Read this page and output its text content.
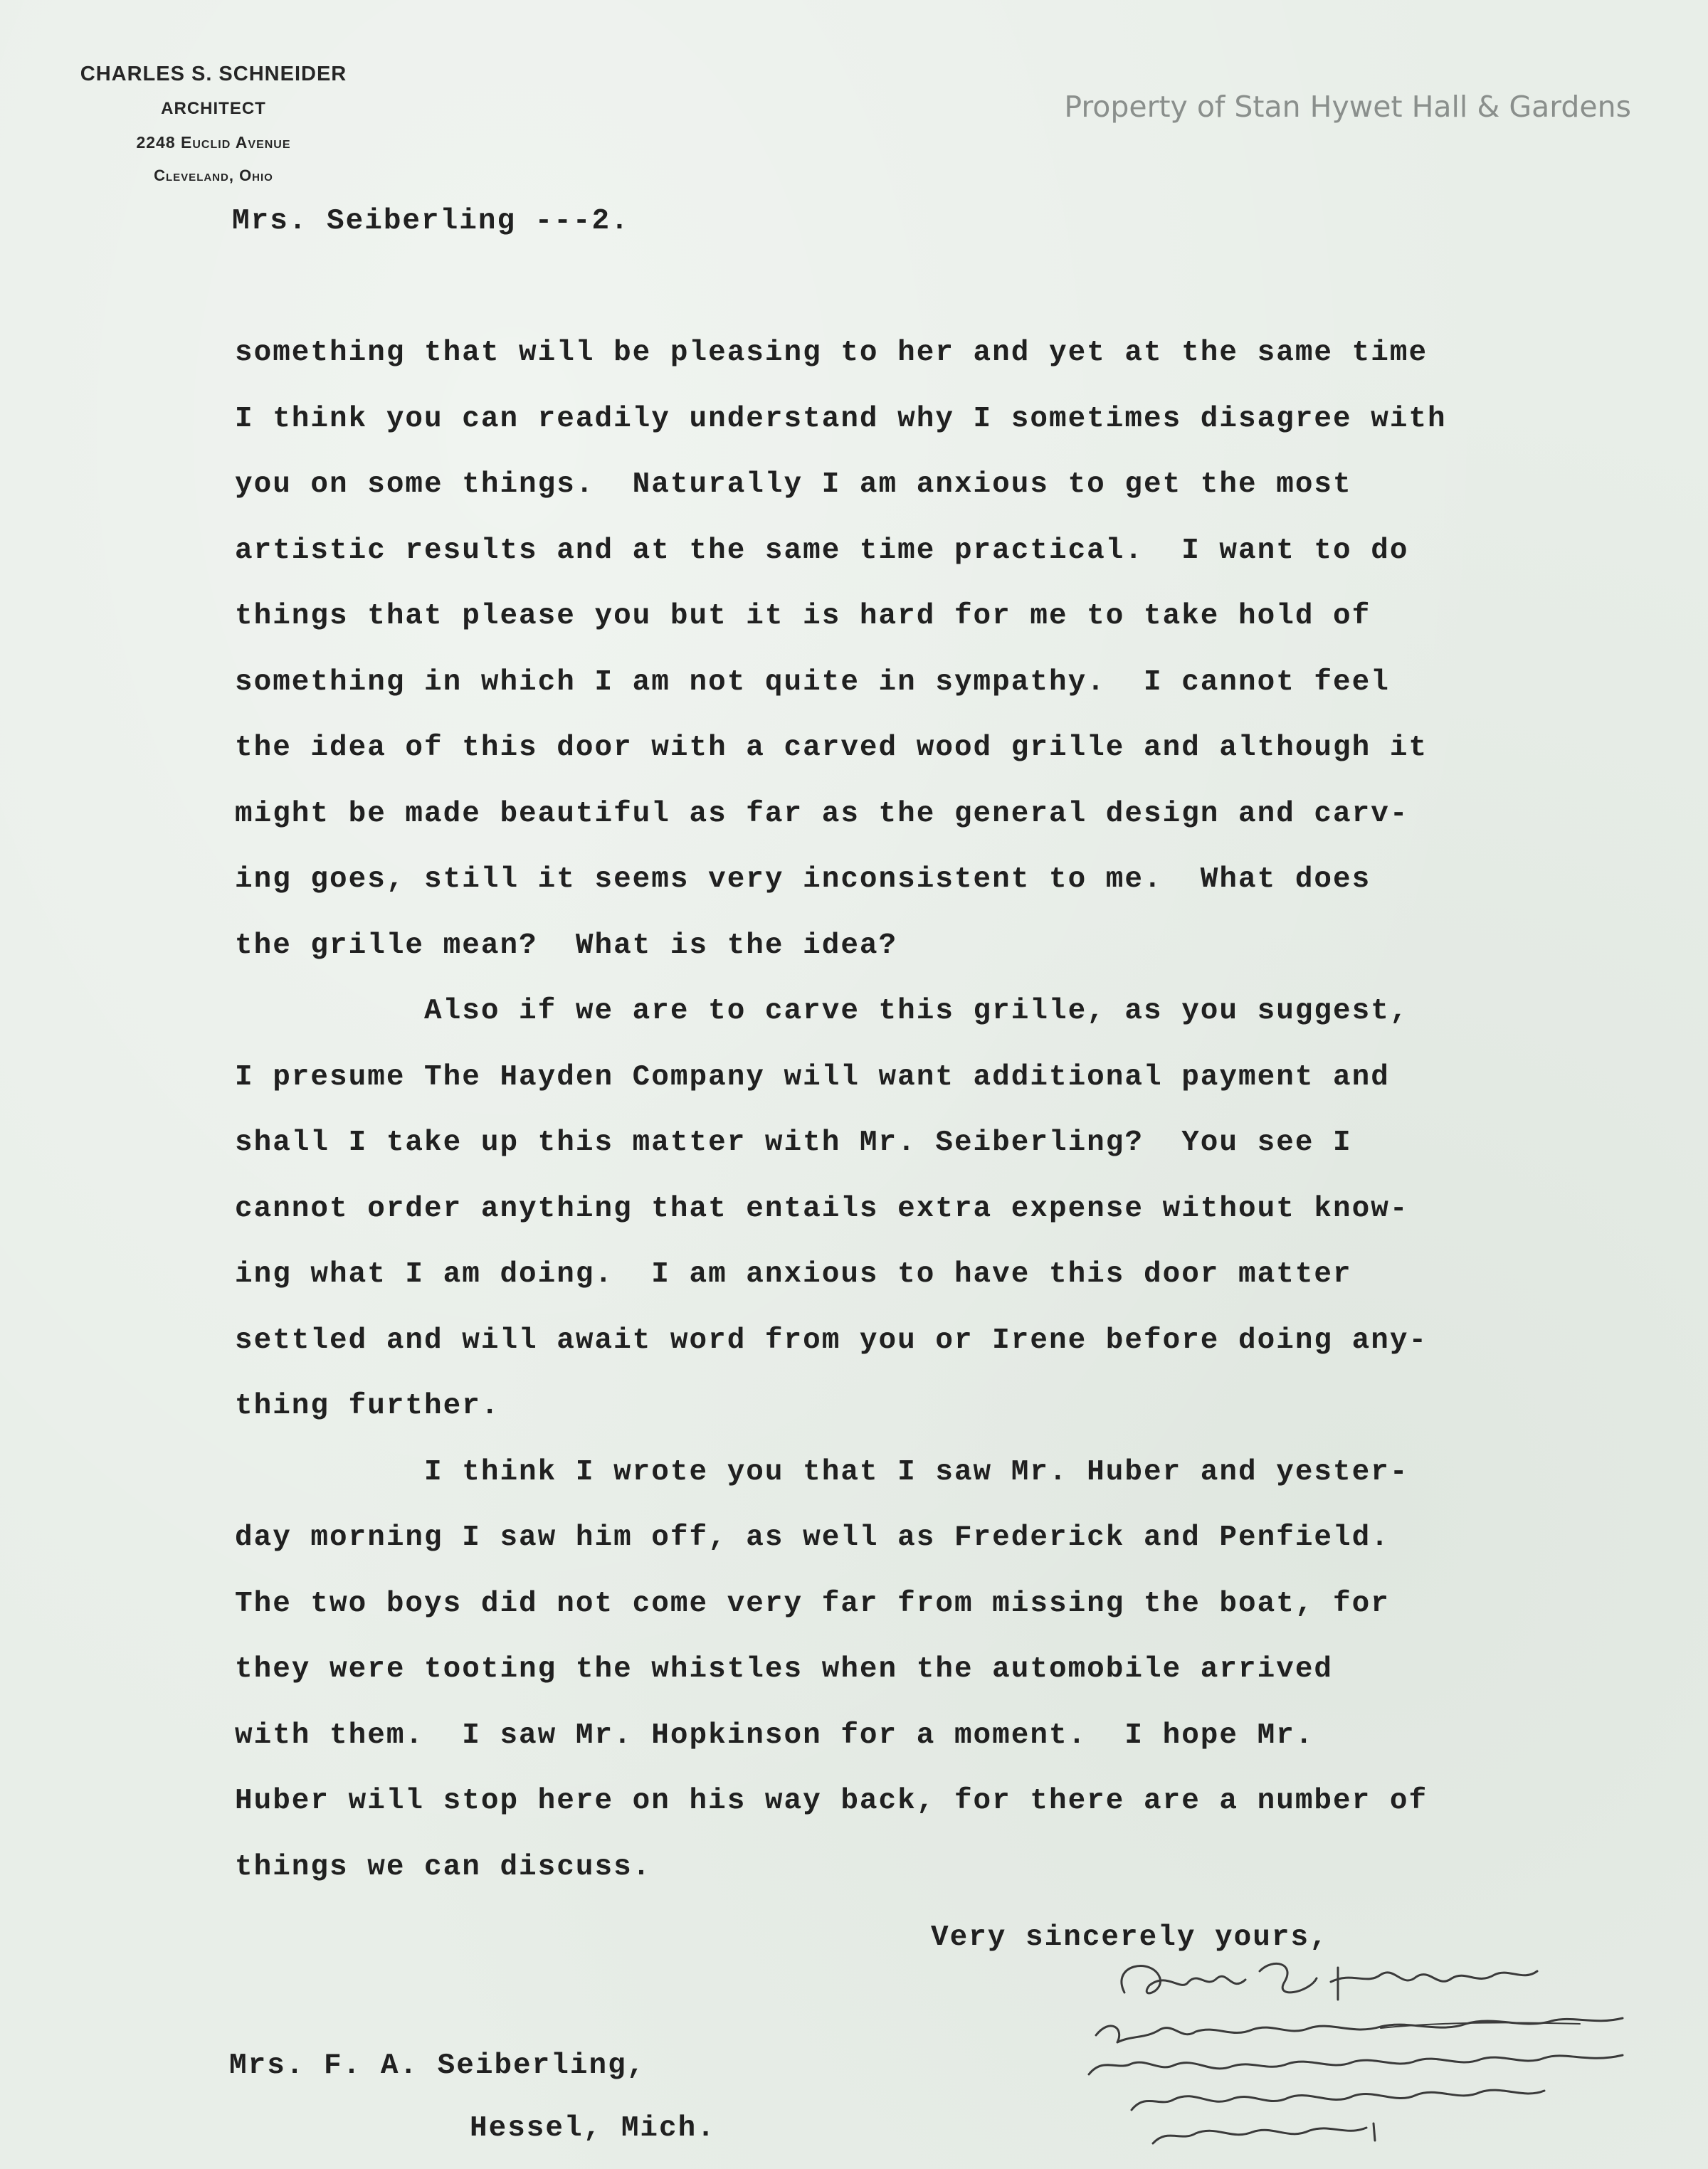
CHARLES S. SCHNEIDER
ARCHITECT
2248 Euclid Avenue
Cleveland, Ohio
Property of Stan Hywet Hall & Gardens
Mrs. Seiberling ---2.
something that will be pleasing to her and yet at the same time
I think you can readily understand why I sometimes disagree with
you on some things.  Naturally I am anxious to get the most
artistic results and at the same time practical.  I want to do
things that please you but it is hard for me to take hold of
something in which I am not quite in sympathy.  I cannot feel
the idea of this door with a carved wood grille and although it
might be made beautiful as far as the general design and carv-
ing goes, still it seems very inconsistent to me.  What does
the grille mean?  What is the idea?
Also if we are to carve this grille, as you suggest,
I presume The Hayden Company will want additional payment and
shall I take up this matter with Mr. Seiberling?  You see I
cannot order anything that entails extra expense without know-
ing what I am doing.  I am anxious to have this door matter
settled and will await word from you or Irene before doing any-
thing further.
I think I wrote you that I saw Mr. Huber and yester-
day morning I saw him off, as well as Frederick and Penfield.
The two boys did not come very far from missing the boat, for
they were tooting the whistles when the automobile arrived
with them.  I saw Mr. Hopkinson for a moment.  I hope Mr.
Huber will stop here on his way back, for there are a number of
things we can discuss.
Very sincerely yours,
Mrs. F. A. Seiberling,
Hessel, Mich.
